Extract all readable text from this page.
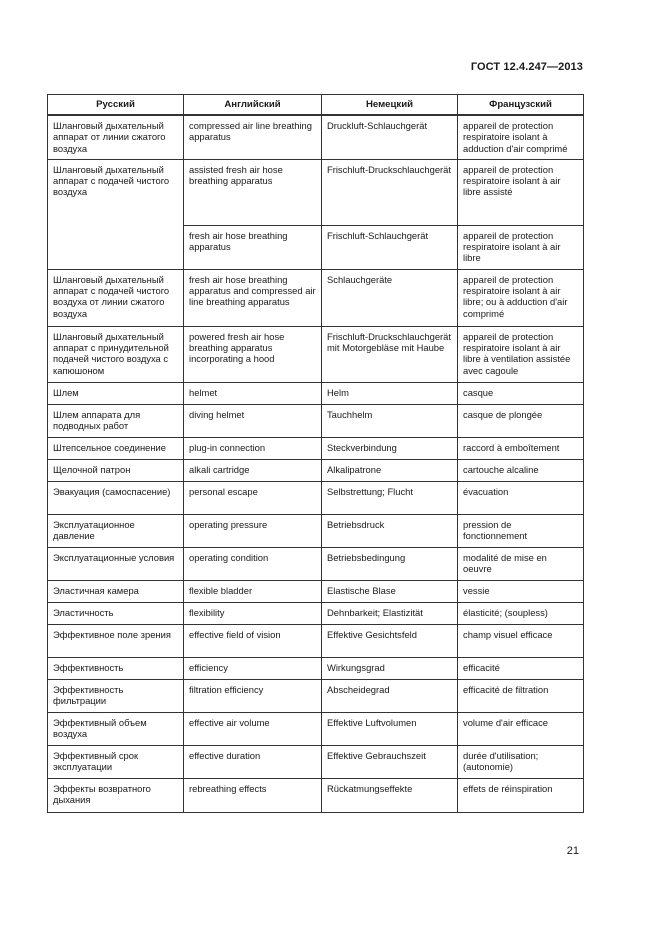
ГОСТ 12.4.247—2013
Русский	Английский	Немецкий	Французский
Шланговый дыхательный аппарат от линии сжатого воздуха	compressed air line breathing apparatus	Druckluft-Schlauchgerät	appareil de protection respiratoire isolant à adduction d'air comprimé
Шланговый дыхательный аппарат с подачей чистого воздуха	assisted fresh air hose breathing apparatus	Frischluft-Druckschlauchgerät	appareil de protection respiratoire isolant à air libre assisté
	fresh air hose breathing apparatus	Frischluft-Schlauchgerät	appareil de protection respiratoire isolant à air libre
Шланговый дыхательный аппарат с подачей чистого воздуха от линии сжатого воздуха	fresh air hose breathing apparatus and compressed air line breathing apparatus	Schlauchgeräte	appareil de protection respiratoire isolant à air libre; ou à adduction d'air comprimé
Шланговый дыхательный аппарат с принудительной подачей чистого воздуха с капюшоном	powered fresh air hose breathing apparatus incorporating a hood	Frischluft-Druckschlauchgerät mit Motorgebläse mit Haube	appareil de protection respiratoire isolant à air libre à ventilation assistée avec cagoule
Шлем	helmet	Helm	casque
Шлем аппарата для подводных работ	diving helmet	Tauchhelm	casque de plongée
Штепсельное соединение	plug-in connection	Steckverbindung	raccord à emboîtement
Щелочной патрон	alkali cartridge	Alkalipatrone	cartouche alcaline
Эвакуация (самоспасение)	personal escape	Selbstrettung; Flucht	évacuation
Эксплуатационное давление	operating pressure	Betriebsdruck	pression de fonctionnement
Эксплуатационные условия	operating condition	Betriebsbedingung	modalité de mise en oeuvre
Эластичная камера	flexible bladder	Elastische Blase	vessie
Эластичность	flexibility	Dehnbarkeit; Elastizität	élasticité; (soupless)
Эффективное поле зрения	effective field of vision	Effektive Gesichtsfeld	champ visuel efficace
Эффективность	efficiency	Wirkungsgrad	efficacité
Эффективность фильтрации	filtration efficiency	Abscheidegrad	efficacité de filtration
Эффективный объем воздуха	effective air volume	Effektive Luftvolumen	volume d'air efficace
Эффективный срок эксплуатации	effective duration	Effektive Gebrauchszeit	durée d'utilisation; (autonomie)
Эффекты возвратного дыхания	rebreathing effects	Rückatmungseffekte	effets de réinspiration
21
